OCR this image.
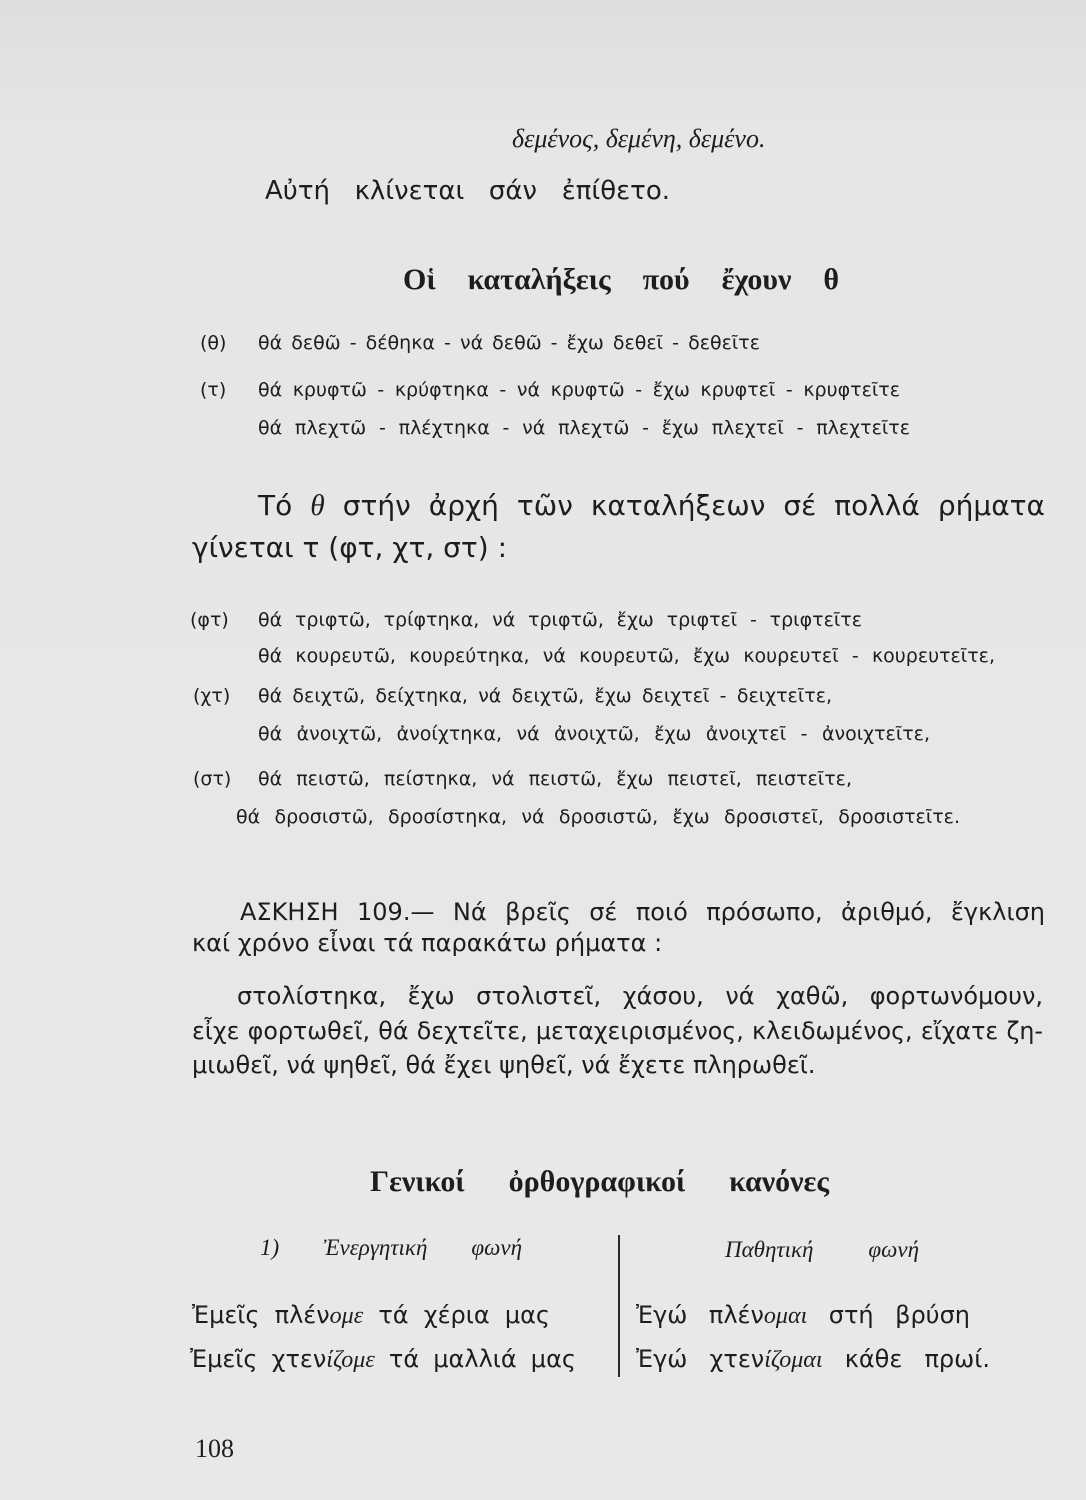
δεμένος, δεμένη, δεμένο.
Αὐτή κλίνεται σάν ἐπίθετο.
Οἱ καταλήξεις πού ἔχουν θ
(θ) θά δεθῶ - δέθηκα - νά δεθῶ - ἔχω δεθεῖ - δεθεῖτε
(τ) θά κρυφτῶ - κρύφτηκα - νά κρυφτῶ - ἔχω κρυφτεῖ - κρυφτεῖτε
θά πλεχτῶ - πλέχτηκα - νά πλεχτῶ - ἔχω πλεχτεῖ - πλεχτεῖτε
Τό θ στήν ἀρχή τῶν καταλήξεων σέ πολλά ρήματα
γίνεται τ (φτ, χτ, στ) :
(φτ) θά τριφτῶ, τρίφτηκα, νά τριφτῶ, ἔχω τριφτεῖ - τριφτεῖτε
θά κουρευτῶ, κουρεύτηκα, νά κουρευτῶ, ἔχω κουρευτεῖ - κουρευτεῖτε,
(χτ) θά δειχτῶ, δείχτηκα, νά δειχτῶ, ἔχω δειχτεῖ - δειχτεῖτε,
θά ἀνοιχτῶ, ἀνοίχτηκα, νά ἀνοιχτῶ, ἔχω ἀνοιχτεῖ - ἀνοιχτεῖτε,
(στ) θά πειστῶ, πείστηκα, νά πειστῶ, ἔχω πειστεῖ, πειστεῖτε,
θά δροσιστῶ, δροσίστηκα, νά δροσιστῶ, ἔχω δροσιστεῖ, δροσιστεῖτε.
ΑΣΚΗΣΗ 109.— Νά βρεῖς σέ ποιό πρόσωπο, ἀριθμό, ἔγκλιση
καί χρόνο εἶναι τά παρακάτω ρήματα :
στολίστηκα, ἔχω στολιστεῖ, χάσου, νά χαθῶ, φορτωνόμουν,
εἶχε φορτωθεῖ, θά δεχτεῖτε, μεταχειρισμένος, κλειδωμένος, εἴχατε ζη-
μιωθεῖ, νά ψηθεῖ, θά ἔχει ψηθεῖ, νά ἔχετε πληρωθεῖ.
Γενικοί ὀρθογραφικοί κανόνες
1) Ἐνεργητική φωνή	Παθητική φωνή
Ἐμεῖς πλένομε τά χέρια μας
Ἐμεῖς χτενίζομε τά μαλλιά μας
Ἐγώ πλένομαι στή βρύση
Ἐγώ χτενίζομαι κάθε πρωί.
108
